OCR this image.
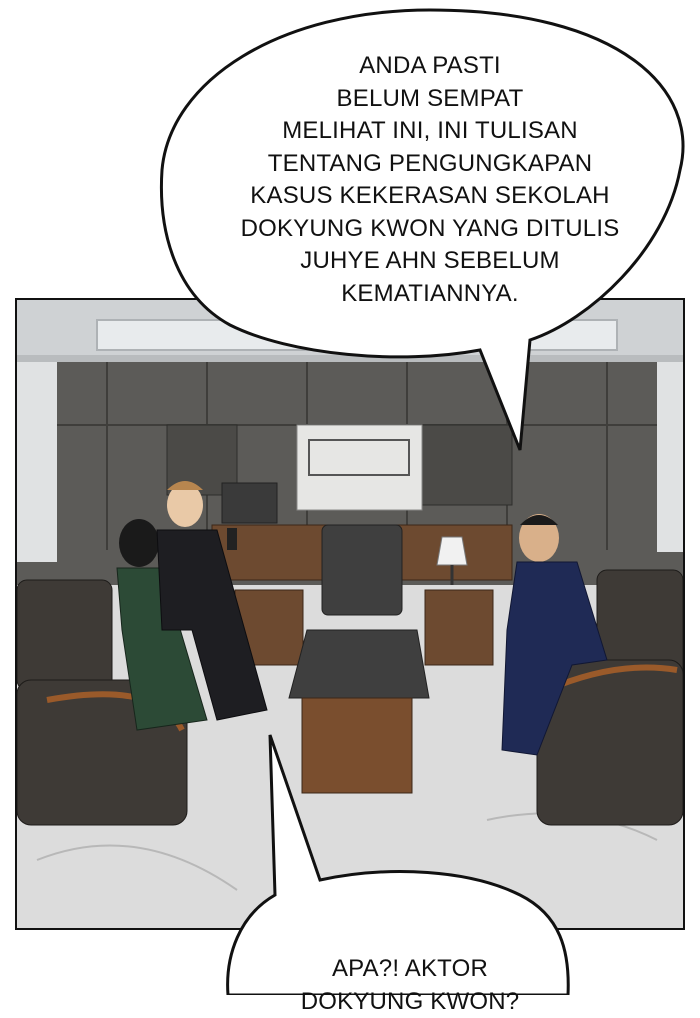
ANDA PASTI
BELUM SEMPAT
MELIHAT INI, INI TULISAN
TENTANG PENGUNGKAPAN
KASUS KEKERASAN SEKOLAH
DOKYUNG KWON YANG DITULIS
JUHYE AHN SEBELUM
KEMATIANNYA.
APA?! AKTOR
DOKYUNG KWON?
